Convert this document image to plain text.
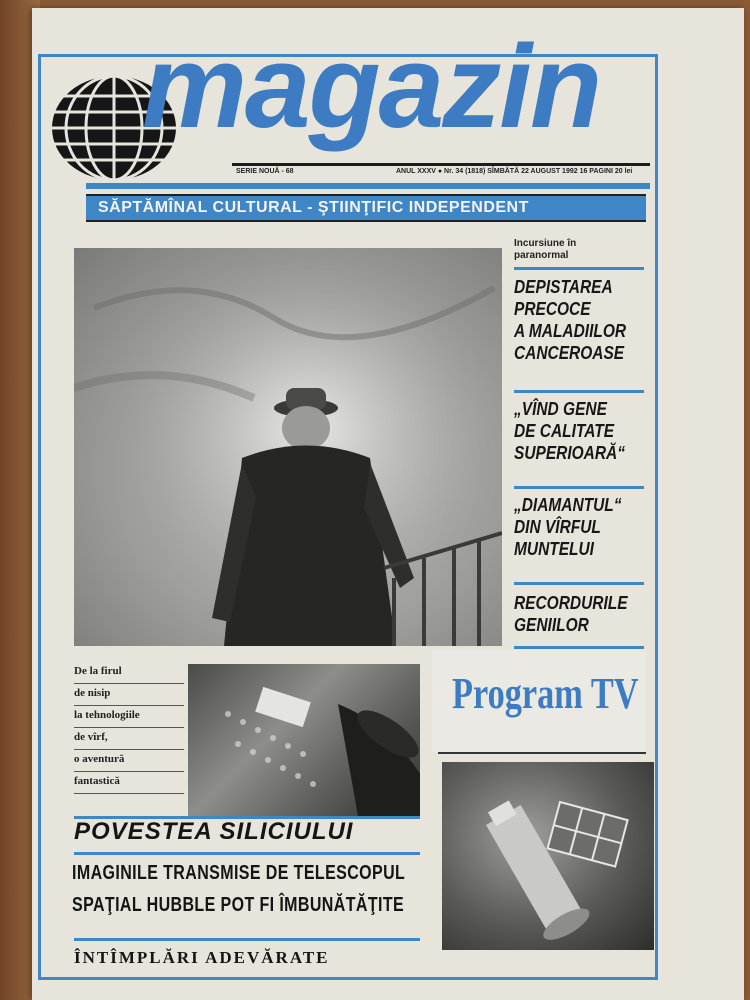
magazin
SERIE NOUĂ - 68	ANUL XXXV ● Nr. 34 (1818) SÎMBĂTĂ 22 AUGUST 1992 16 PAGINI 20 lei
SĂPTĂMÎNAL CULTURAL - ŞTIINŢIFIC INDEPENDENT
Incursiune în
paranormal
DEPISTAREA
PRECOCE
A MALADIILOR
CANCEROASE
„VÎND GENE
DE CALITATE
SUPERIOARĂ“
„DIAMANTUL“
DIN VÎRFUL
MUNTELUI
RECORDURILE
GENIILOR
De la firul
de nisip
la tehnologiile
de vîrf,
o aventură
fantastică
POVESTEA SILICIULUI
IMAGINILE TRANSMISE DE TELESCOPUL
SPAŢIAL HUBBLE POT FI ÎMBUNĂTĂŢITE
ÎNTÎMPLĂRI ADEVĂRATE
Program TV
